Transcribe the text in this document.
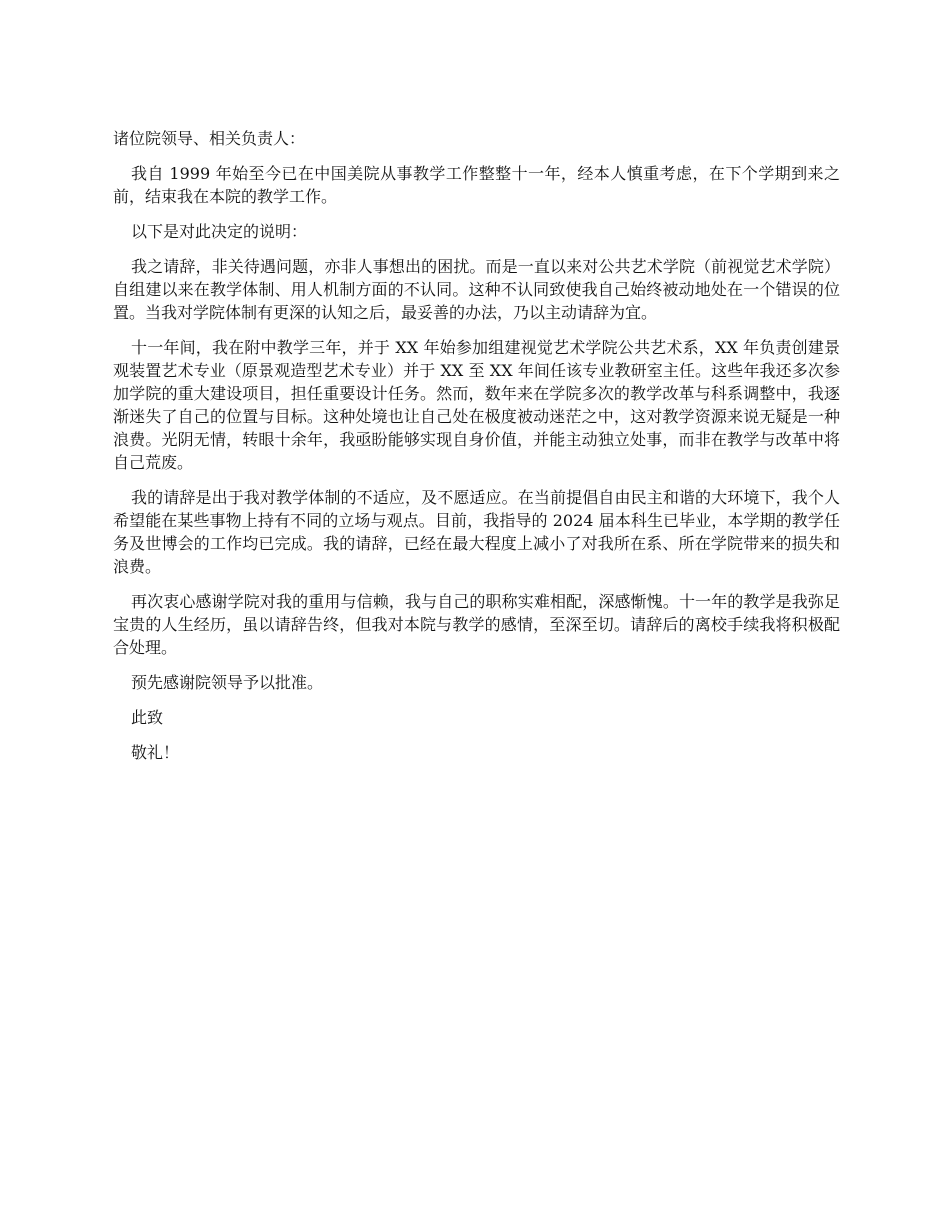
诸位院领导、相关负责人：

我自 1999 年始至今已在中国美院从事教学工作整整十一年，经本人慎重考虑，在下个学期到来之前，结束我在本院的教学工作。

以下是对此决定的说明：

我之请辞，非关待遇问题，亦非人事想出的困扰。而是一直以来对公共艺术学院（前视觉艺术学院）自组建以来在教学体制、用人机制方面的不认同。这种不认同致使我自己始终被动地处在一个错误的位置。当我对学院体制有更深的认知之后，最妥善的办法，乃以主动请辞为宜。

十一年间，我在附中教学三年，并于 XX 年始参加组建视觉艺术学院公共艺术系，XX 年负责创建景观装置艺术专业（原景观造型艺术专业）并于 XX 至 XX 年间任该专业教研室主任。这些年我还多次参加学院的重大建设项目，担任重要设计任务。然而，数年来在学院多次的教学改革与科系调整中，我逐渐迷失了自己的位置与目标。这种处境也让自己处在极度被动迷茫之中，这对教学资源来说无疑是一种浪费。光阴无情，转眼十余年，我亟盼能够实现自身价值，并能主动独立处事，而非在教学与改革中将自己荒废。

我的请辞是出于我对教学体制的不适应，及不愿适应。在当前提倡自由民主和谐的大环境下，我个人希望能在某些事物上持有不同的立场与观点。目前，我指导的 2024 届本科生已毕业，本学期的教学任务及世博会的工作均已完成。我的请辞，已经在最大程度上减小了对我所在系、所在学院带来的损失和浪费。

再次衷心感谢学院对我的重用与信赖，我与自己的职称实难相配，深感惭愧。十一年的教学是我弥足宝贵的人生经历，虽以请辞告终，但我对本院与教学的感情，至深至切。请辞后的离校手续我将积极配合处理。

预先感谢院领导予以批准。

此致

敬礼！
